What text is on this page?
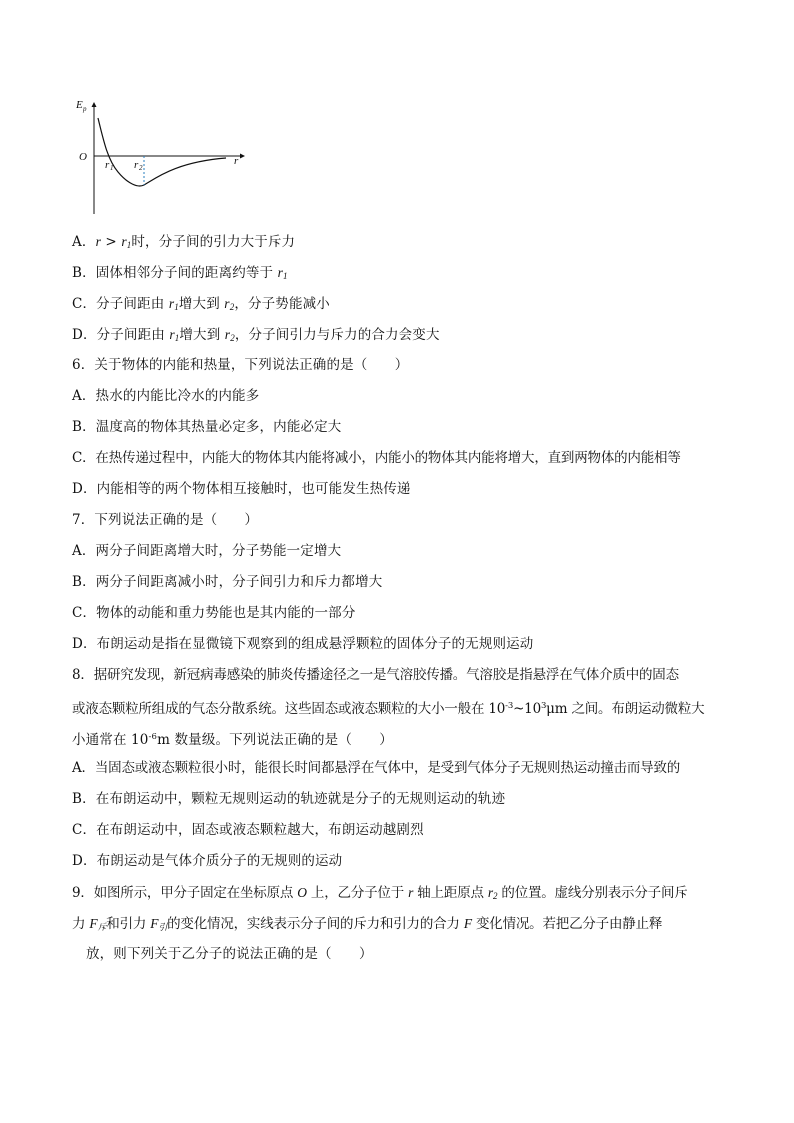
E p
O	r
r 1 r 2
A．$r > r_1$时，分子间的引力大于斥力
B．固体相邻分子间的距离约等于 $r_1$
C．分子间距由 $r_1$增大到 $r_2$，分子势能减小
D．分子间距由 $r_1$增大到 $r_2$，分子间引力与斥力的合力会变大
6．关于物体的内能和热量，下列说法正确的是（　　）
A．热水的内能比冷水的内能多
B．温度高的物体其热量必定多，内能必定大
C．在热传递过程中，内能大的物体其内能将减小，内能小的物体其内能将增大，直到两物体的内能相等
D．内能相等的两个物体相互接触时，也可能发生热传递
7．下列说法正确的是（　　）
A．两分子间距离增大时，分子势能一定增大
B．两分子间距离减小时，分子间引力和斥力都增大
C．物体的动能和重力势能也是其内能的一部分
D．布朗运动是指在显微镜下观察到的组成悬浮颗粒的固体分子的无规则运动
8．据研究发现，新冠病毒感染的肺炎传播途径之一是气溶胶传播。气溶胶是指悬浮在气体介质中的固态
或液态颗粒所组成的气态分散系统。这些固态或液态颗粒的大小一般在 $10^{-3}\sim 10^3\mu m$ 之间。布朗运动微粒大
小通常在 $10^{-6}m$ 数量级。下列说法正确的是（　　）
A．当固态或液态颗粒很小时，能很长时间都悬浮在气体中，是受到气体分子无规则热运动撞击而导致的
B．在布朗运动中，颗粒无规则运动的轨迹就是分子的无规则运动的轨迹
C．在布朗运动中，固态或液态颗粒越大，布朗运动越剧烈
D．布朗运动是气体介质分子的无规则的运动
9．如图所示，甲分子固定在坐标原点 O 上，乙分子位于 r 轴上距原点 $r_2$ 的位置。虚线分别表示分子间斥
力 $F_斥$和引力 $F_引$的变化情况，实线表示分子间的斥力和引力的合力 F 变化情况。若把乙分子由静止释
放，则下列关于乙分子的说法正确的是（　　）
